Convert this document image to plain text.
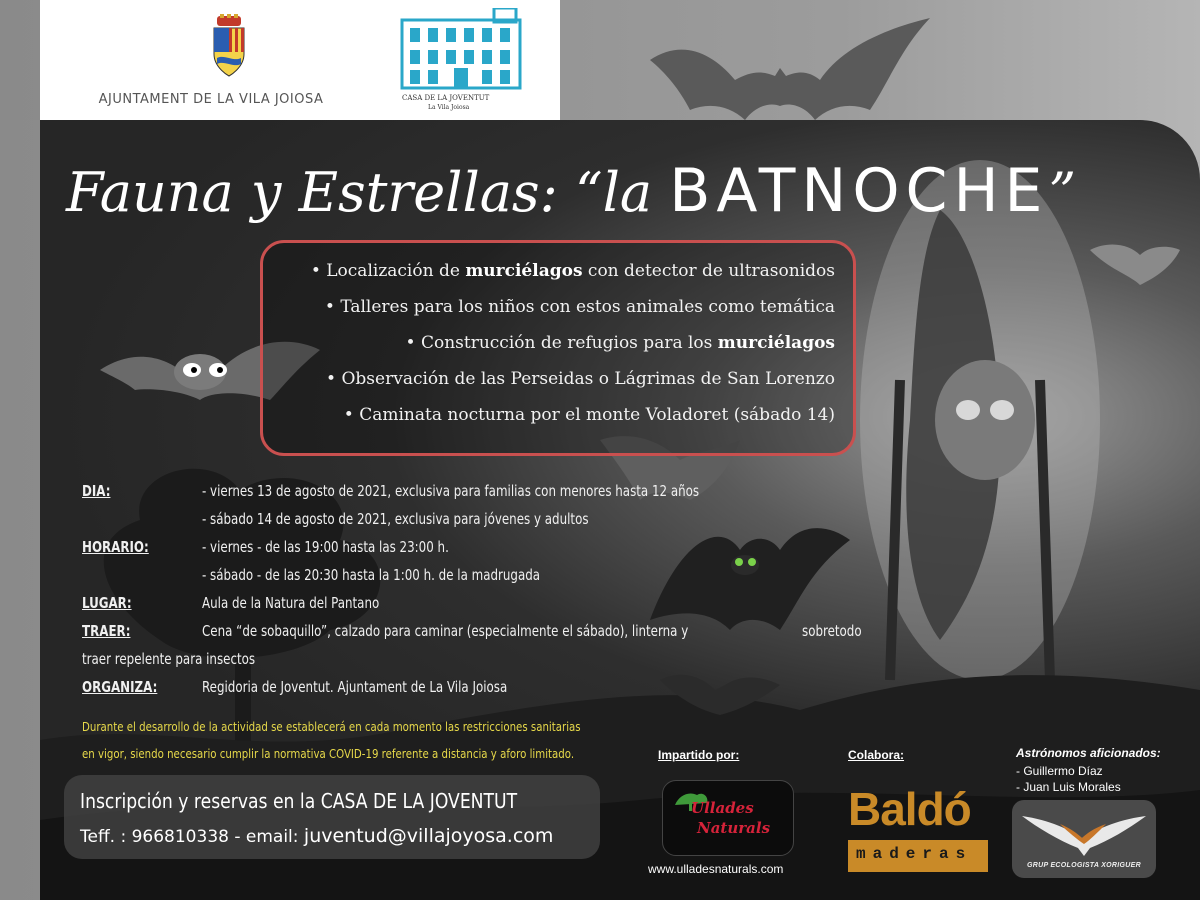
AJUNTAMENT DE LA VILA JOIOSA	CASA DE LA JOVENTUT
La Vila Joiosa
Fauna y Estrellas: “la BATNOCHE”
• Localización de murciélagos con detector de ultrasonidos
• Talleres para los niños con estos animales como temática
• Construcción de refugios para los murciélagos
• Observación de las Perseidas o Lágrimas de San Lorenzo
• Caminata nocturna por el monte Voladoret (sábado 14)
DIA:	- viernes 13 de agosto de 2021, exclusiva para familias con menores hasta 12 años
- sábado 14 de agosto de 2021, exclusiva para jóvenes y adultos
HORARIO:	- viernes - de las 19:00 hasta las 23:00 h.
- sábado - de las 20:30 hasta la 1:00 h. de la madrugada
LUGAR:	Aula de la Natura del Pantano
TRAER:	Cena “de sobaquillo”, calzado para caminar (especialmente el sábado), linterna y	sobretodo
traer repelente para insectos
ORGANIZA:	Regidoria de Joventut. Ajuntament de La Vila Joiosa
Durante el desarrollo de la actividad se establecerá en cada momento las restricciones sanitarias
en vigor, siendo necesario cumplir la normativa COVID-19 referente a distancia y aforo limitado.
Inscripción y reservas en la CASA DE LA JOVENTUT
Teff. : 966810338 - email: juventud@villajoyosa.com
Impartido por:
Ullades
Naturals
www.ulladesnaturals.com
Colabora:
Baldó
maderas
Astrónomos aficionados:
- Guillermo Díaz
- Juan Luis Morales
GRUP ECOLOGISTA XORIGUER
